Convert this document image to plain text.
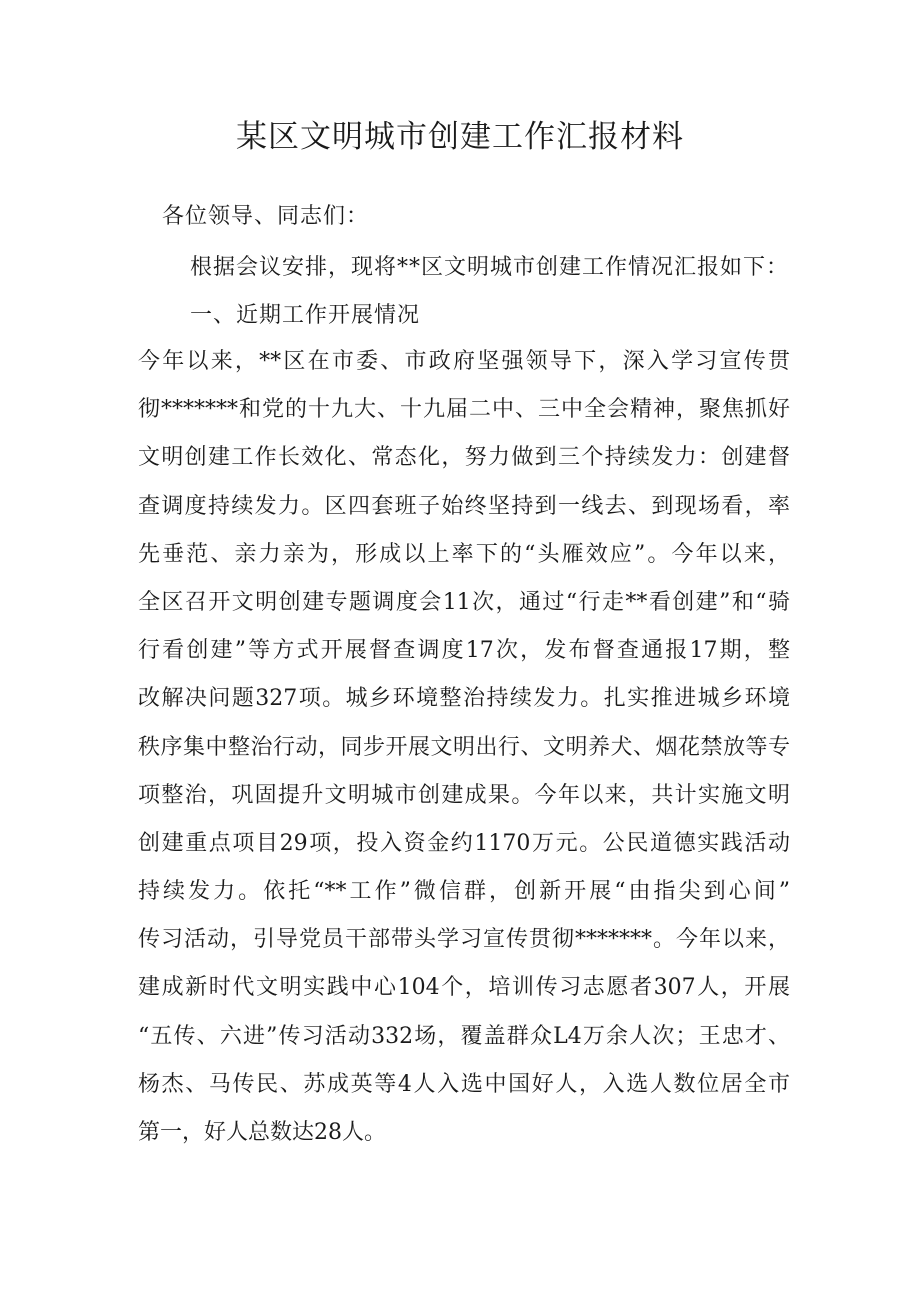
某区文明城市创建工作汇报材料

各位领导、同志们：

根据会议安排，现将**区文明城市创建工作情况汇报如下：

一、近期工作开展情况

今年以来，**区在市委、市政府坚强领导下，深入学习宣传贯
彻*******和党的十九大、十九届二中、三中全会精神，聚焦抓好
文明创建工作长效化、常态化，努力做到三个持续发力：创建督
查调度持续发力。区四套班子始终坚持到一线去、到现场看，率
先垂范、亲力亲为，形成以上率下的“头雁效应”。今年以来，
全区召开文明创建专题调度会11次，通过“行走**看创建”和“骑
行看创建”等方式开展督查调度17次，发布督查通报17期，整
改解决问题327项。城乡环境整治持续发力。扎实推进城乡环境
秩序集中整治行动，同步开展文明出行、文明养犬、烟花禁放等专
项整治，巩固提升文明城市创建成果。今年以来，共计实施文明
创建重点项目29项，投入资金约1170万元。公民道德实践活动
持续发力。依托“**工作”微信群，创新开展“由指尖到心间”
传习活动，引导党员干部带头学习宣传贯彻*******。今年以来，
建成新时代文明实践中心104个，培训传习志愿者307人，开展
“五传、六进”传习活动332场，覆盖群众L4万余人次；王忠才、
杨杰、马传民、苏成英等4人入选中国好人，入选人数位居全市
第一，好人总数达28人。
